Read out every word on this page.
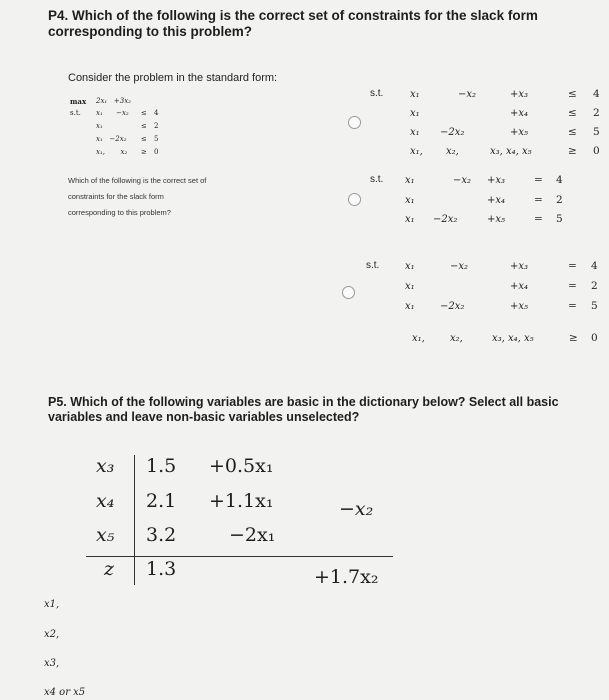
P4. Which of the following is the correct set of constraints for the slack form
corresponding to this problem?
Consider the problem in the standard form:
max 2x₁   +3x₂
s.t. x₁      −x₂ ≤ 4
x₁	≤ 2
x₁   −2x₂ ≤ 5
x₁,       x₂ ≥ 0
Which of the following is the correct set of
constraints for the slack form
corresponding to this problem?
s.t.	x₁	−x₂	+x₃	≤ 4
x₁	+x₄	≤ 2
x₁ −2x₂	+x₅	≤ 5
x₁, x₂,	x₃, x₄, x₅	≥ 0
s.t. x₁	−x₂ +x₃	= 4
x₁	+x₄	= 2
x₁ −2x₂	+x₅	= 5
s.t.	x₁	−x₂	+x₃	= 4
x₁	+x₄	= 2
x₁	−2x₂	+x₅	= 5
x₁,	x₂,	x₃, x₄, x₅	≥ 0
P5. Which of the following variables are basic in the dictionary below? Select all basic
variables and leave non-basic variables unselected?
x₃ 1.5 +0.5x₁
x₄ 2.1 +1.1x₁	−x₂
x₅ 3.2	−2x₁
z 1.3	+1.7x₂
x1,
x2,
x3,
x4 or x5
